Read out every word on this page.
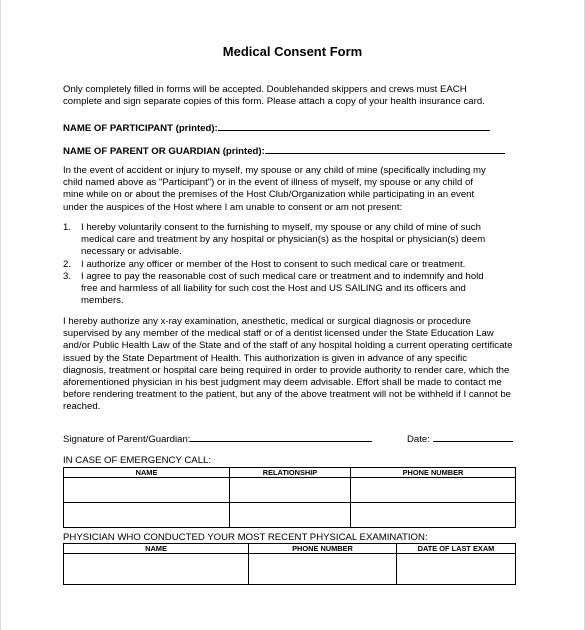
Medical Consent Form
Only completely filled in forms will be accepted. Doublehanded skippers and crews must EACH
complete and sign separate copies of this form. Please attach a copy of your health insurance card.
NAME OF PARTICIPANT (printed):
NAME OF PARENT OR GUARDIAN (printed):
In the event of accident or injury to myself, my spouse or any child of mine (specifically including my
child named above as "Participant") or in the event of illness of myself, my spouse or any child of
mine while on or about the premises of the Host Club/Organization while participating in an event
under the auspices of the Host where I am unable to consent or am not present:
1. I hereby voluntarily consent to the furnishing to myself, my spouse or any child of mine of such
medical care and treatment by any hospital or physician(s) as the hospital or physician(s) deem
necessary or advisable.
2. I authorize any officer or member of the Host to consent to such medical care or treatment.
3. I agree to pay the reasonable cost of such medical care or treatment and to indemnify and hold
free and harmless of all liability for such cost the Host and US SAILING and its officers and
members.
I hereby authorize any x-ray examination, anesthetic, medical or surgical diagnosis or procedure
supervised by any member of the medical staff or of a dentist licensed under the State Education Law
and/or Public Health Law of the State and of the staff of any hospital holding a current operating certificate
issued by the State Department of Health. This authorization is given in advance of any specific
diagnosis, treatment or hospital care being required in order to provide authority to render care, which the
aforementioned physician in his best judgment may deem advisable. Effort shall be made to contact me
before rendering treatment to the patient, but any of the above treatment will not be withheld if I cannot be
reached.
Signature of Parent/Guardian:	Date:
IN CASE OF EMERGENCY CALL:
NAME	RELATIONSHIP	PHONE NUMBER

PHYSICIAN WHO CONDUCTED YOUR MOST RECENT PHYSICAL EXAMINATION:
NAME	PHONE NUMBER	DATE OF LAST EXAM
